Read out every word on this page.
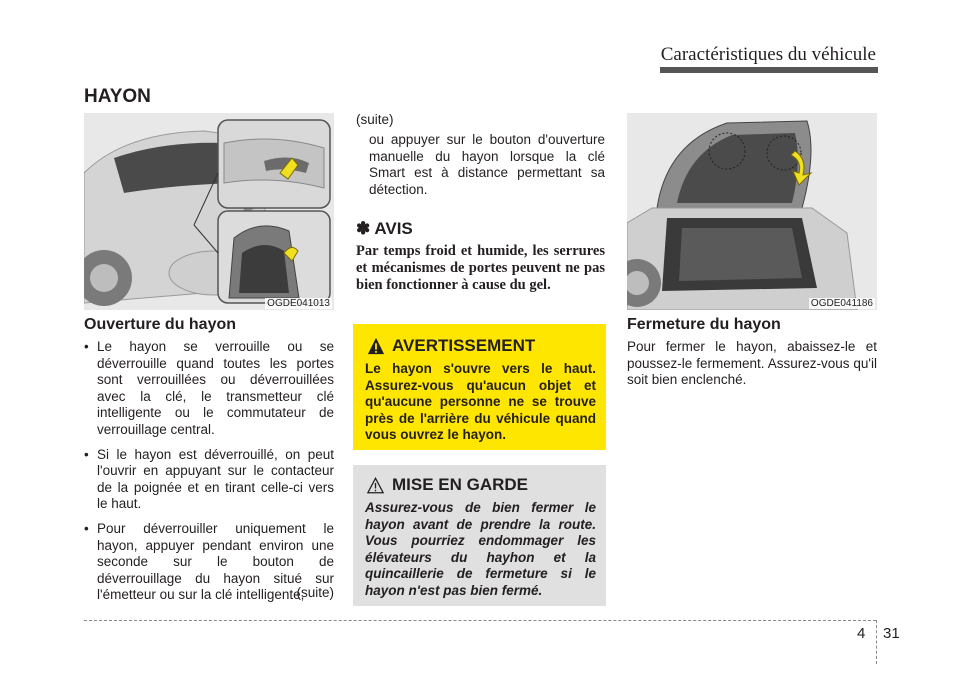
Caractéristiques du véhicule
HAYON
OGDE041013	OGDE041186
Ouverture du hayon
• Le hayon se verrouille ou se déverrouille quand toutes les portes sont verrouillées ou déverrouillées avec la clé, le transmetteur clé intelligente ou le commutateur de verrouillage central.
• Si le hayon est déverrouillé, on peut l'ouvrir en appuyant sur le contacteur de la poignée et en tirant celle-ci vers le haut.
• Pour déverrouiller uniquement le hayon, appuyer pendant environ une seconde sur le bouton de déverrouillage du hayon situé sur l'émetteur ou sur la clé intelligente,
(suite)
(suite)
ou appuyer sur le bouton d'ouverture manuelle du hayon lorsque la clé Smart est à distance permettant sa détection.
✽ AVIS
Par temps froid et humide, les serrures et mécanismes de portes peuvent ne pas bien fonctionner à cause du gel.
AVERTISSEMENT
Le hayon s'ouvre vers le haut. Assurez-vous qu'aucun objet et qu'aucune personne ne se trouve près de l'arrière du véhicule quand vous ouvrez le hayon.
MISE EN GARDE
Assurez-vous de bien fermer le hayon avant de prendre la route. Vous pourriez endommager les élévateurs du hayhon et la quincaillerie de fermeture si le hayon n'est pas bien fermé.
Fermeture du hayon
Pour fermer le hayon, abaissez-le et poussez-le fermement. Assurez-vous qu'il soit bien enclenché.
4 31
